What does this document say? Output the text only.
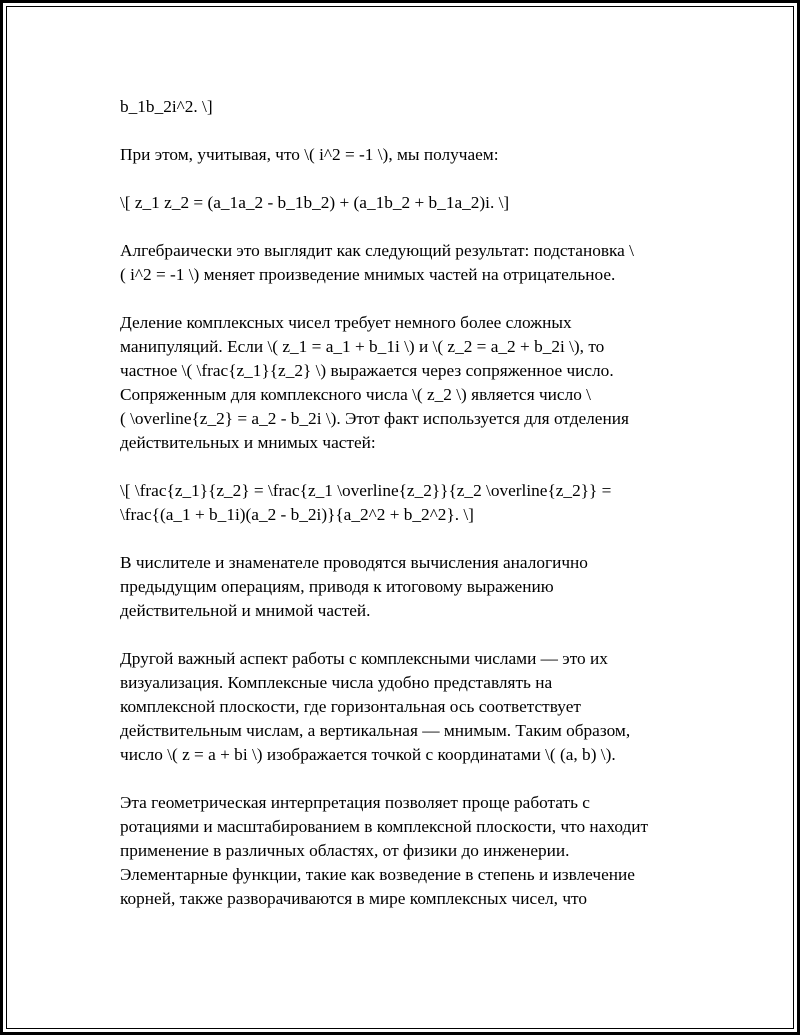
b_1b_2i^2. \]

При этом, учитывая, что \( i^2 = -1 \), мы получаем:

\[ z_1 z_2 = (a_1a_2 - b_1b_2) + (a_1b_2 + b_1a_2)i. \]

Алгебраически это выглядит как следующий результат: подстановка \
( i^2 = -1 \) меняет произведение мнимых частей на отрицательное.

Деление комплексных чисел требует немного более сложных
манипуляций. Если \( z_1 = a_1 + b_1i \) и \( z_2 = a_2 + b_2i \), то
частное \( \frac{z_1}{z_2} \) выражается через сопряженное число.
Сопряженным для комплексного числа \( z_2 \) является число \
( \overline{z_2} = a_2 - b_2i \). Этот факт используется для отделения
действительных и мнимых частей:

\[ \frac{z_1}{z_2} = \frac{z_1 \overline{z_2}}{z_2 \overline{z_2}} =
\frac{(a_1 + b_1i)(a_2 - b_2i)}{a_2^2 + b_2^2}. \]

В числителе и знаменателе проводятся вычисления аналогично
предыдущим операциям, приводя к итоговому выражению
действительной и мнимой частей.

Другой важный аспект работы с комплексными числами — это их
визуализация. Комплексные числа удобно представлять на
комплексной плоскости, где горизонтальная ось соответствует
действительным числам, а вертикальная — мнимым. Таким образом,
число \( z = a + bi \) изображается точкой с координатами \( (a, b) \).

Эта геометрическая интерпретация позволяет проще работать с
ротациями и масштабированием в комплексной плоскости, что находит
применение в различных областях, от физики до инженерии.
Элементарные функции, такие как возведение в степень и извлечение
корней, также разворачиваются в мире комплексных чисел, что
